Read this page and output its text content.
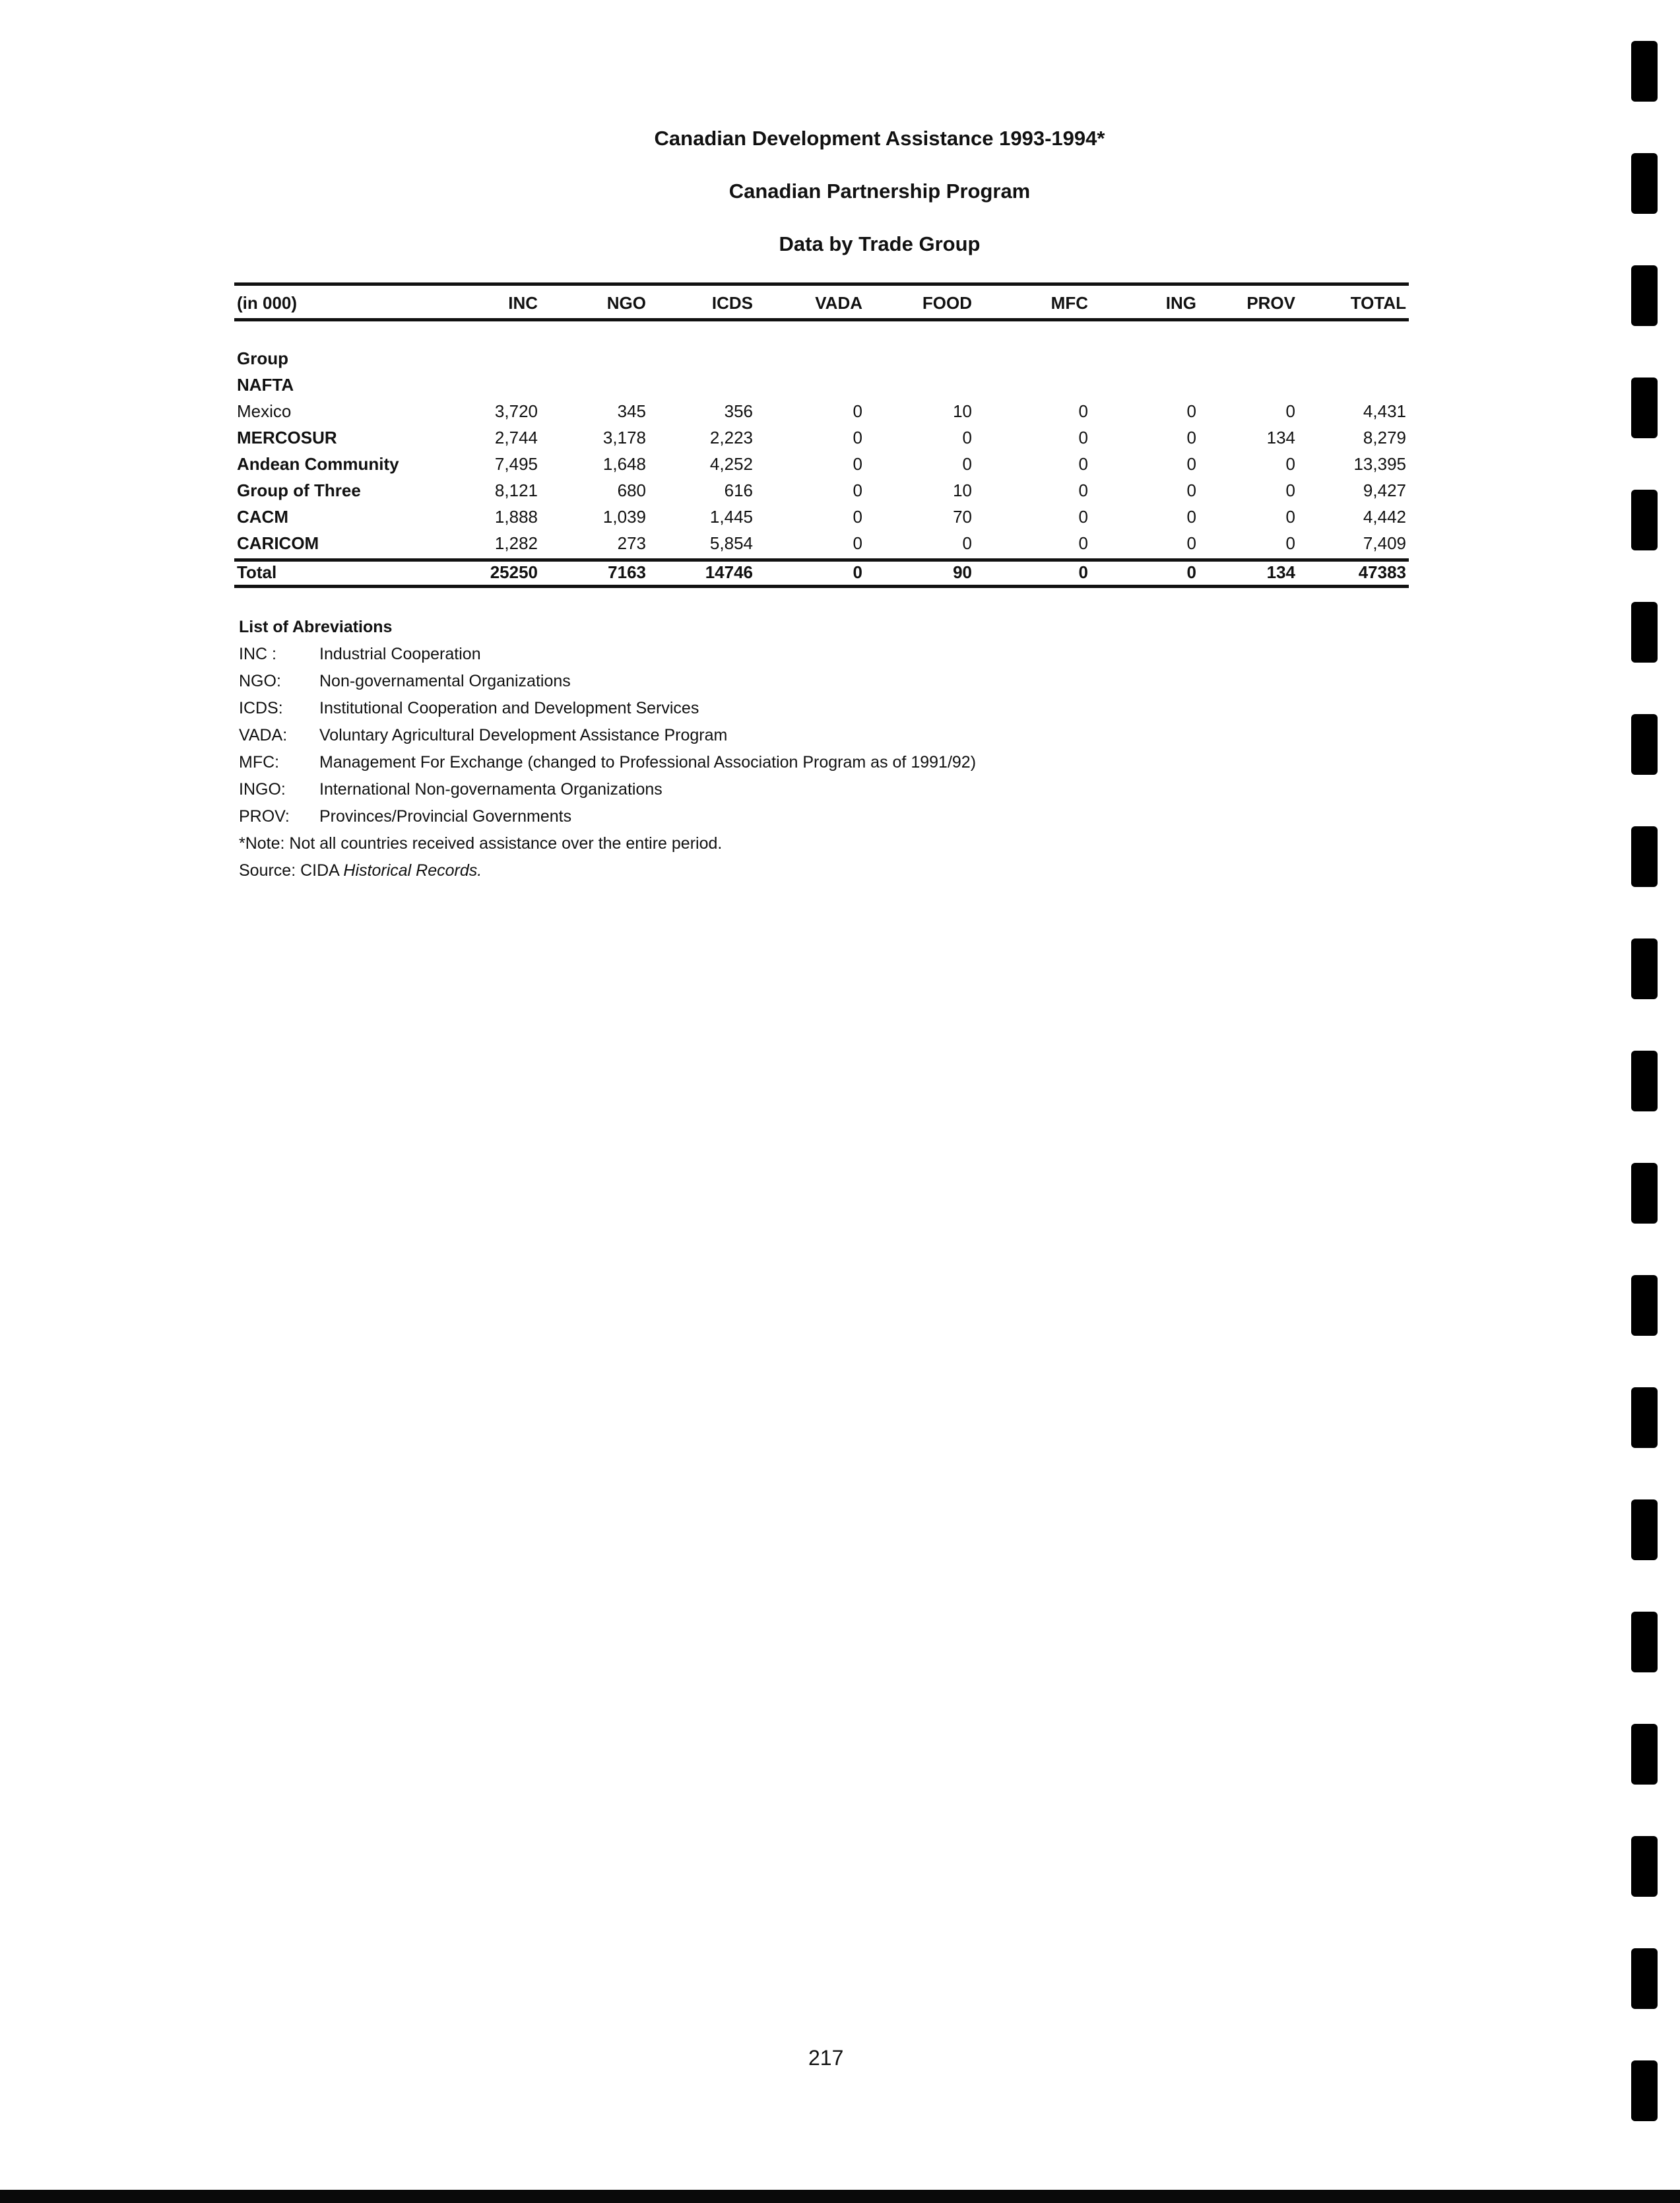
Canadian Development Assistance 1993-1994*
Canadian Partnership Program
Data by Trade Group
(in 000)	INC	NGO	ICDS	VADA	FOOD	MFC	ING	PROV	TOTAL
Group
NAFTA
Mexico	3,720	345	356	0	10	0	0	0	4,431
MERCOSUR	2,744	3,178	2,223	0	0	0	0	134	8,279
Andean Community	7,495	1,648	4,252	0	0	0	0	0	13,395
Group of Three	8,121	680	616	0	10	0	0	0	9,427
CACM	1,888	1,039	1,445	0	70	0	0	0	4,442
CARICOM	1,282	273	5,854	0	0	0	0	0	7,409
Total	25250	7163	14746	0	90	0	0	134	47383
List of Abreviations
INC :	Industrial Cooperation
NGO: Non-governamental Organizations
ICDS: Institutional Cooperation and Development Services
VADA: Voluntary Agricultural Development Assistance Program
MFC: Management For Exchange (changed to Professional Association Program as of 1991/92)
INGO: International Non-governamenta Organizations
PROV: Provinces/Provincial Governments
*Note: Not all countries received assistance over the entire period.
Source: CIDA Historical Records.
217
